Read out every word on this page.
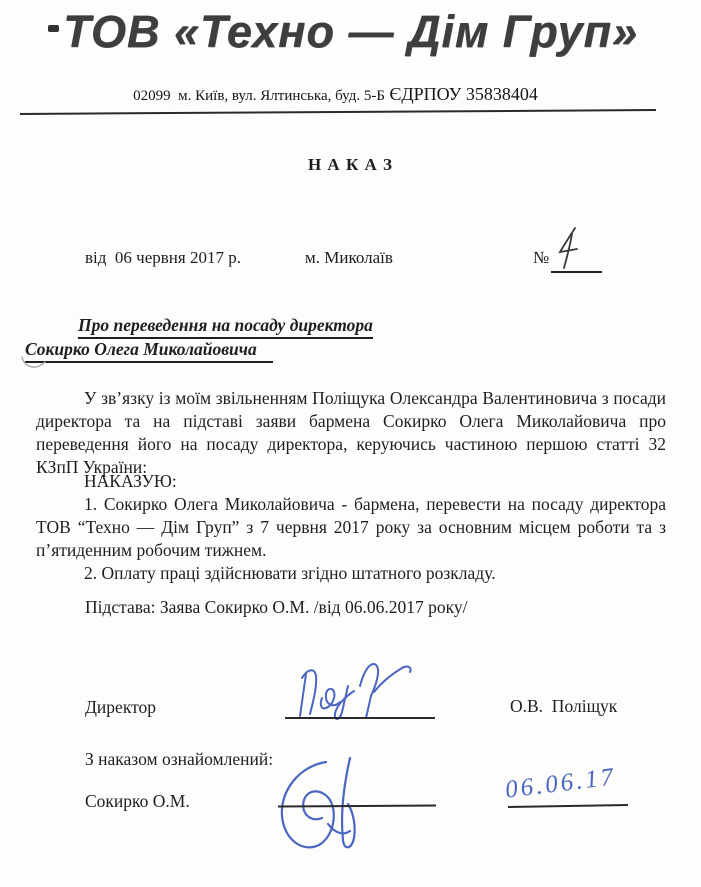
ТОВ «Техно — Дім Груп»
02099  м. Київ, вул. Ялтинська, буд. 5-Б ЄДРПОУ 35838404
Н А К А З
від  06 червня 2017 р.	м. Миколаїв	№
Про переведення на посаду директора
Сокирко Олега Миколайовича

У зв’язку із моїм звільненням Поліщука Олександра Валентиновича з посади директора та на підставі заяви бармена Сокирко Олега Миколайовича про переведення його на посаду директора, керуючись частиною першою статті 32 КЗпП України:

НАКАЗУЮ:

1. Сокирко Олега Миколайовича - бармена, перевести на посаду директора ТОВ “Техно — Дім Груп” з 7 червня 2017 року за основним місцем роботи та з п’ятиденним робочим тижнем.

2. Оплату праці здійснювати згідно штатного розкладу.

Підстава: Заява Сокирко О.М. /від 06.06.2017 року/
Директор	О.В.  Поліщук
З наказом ознайомлений:
Сокирко О.М.	06.06.17
